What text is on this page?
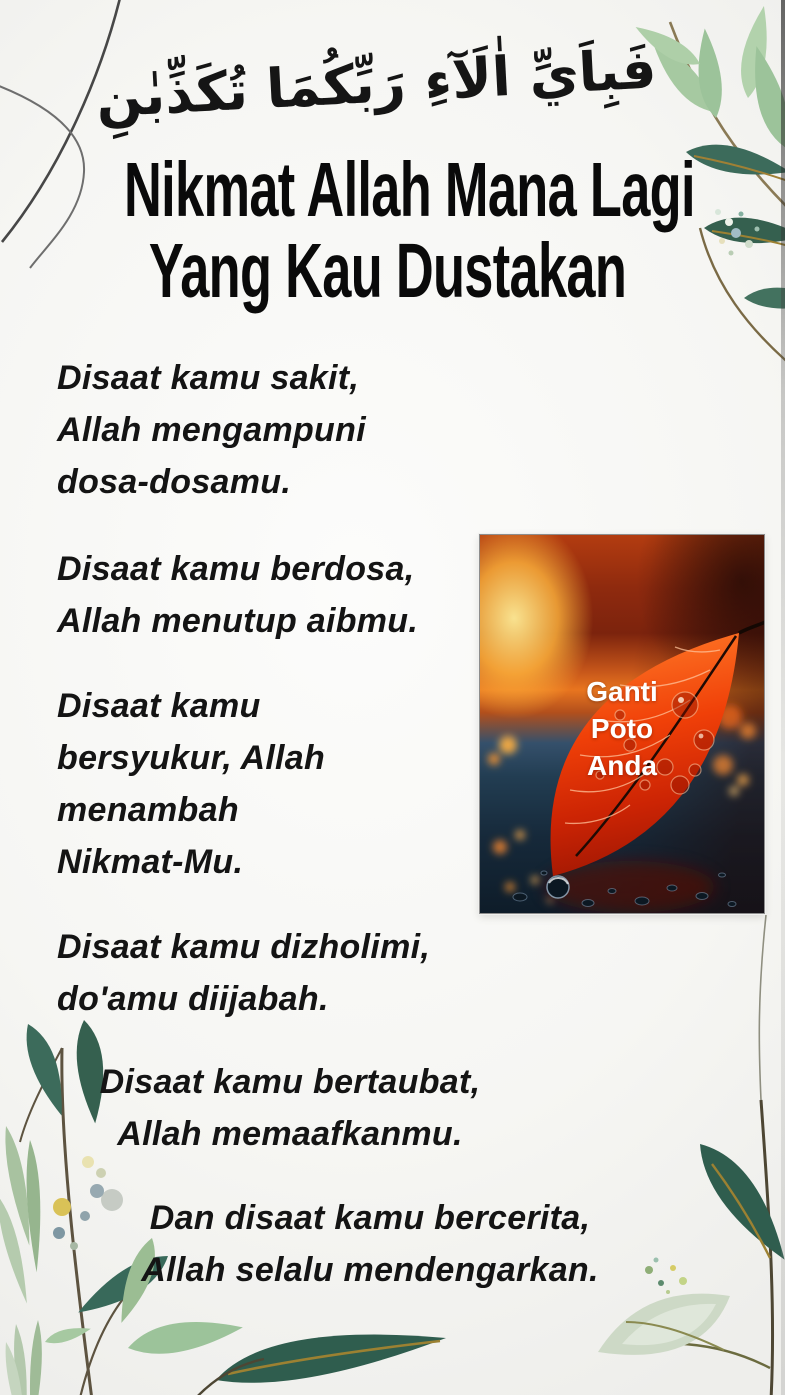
فَبِاَيِّ اٰلَآءِ رَبِّكُمَا تُكَذِّبٰنِ
Nikmat Allah Mana Lagi
Yang Kau Dustakan
Disaat kamu sakit,
Allah mengampuni
dosa-dosamu.
Disaat kamu berdosa,
Allah menutup aibmu.
Disaat kamu
bersyukur, Allah
menambah
Nikmat-Mu.
Disaat kamu dizholimi,
do'amu diijabah.
Disaat kamu bertaubat,
Allah memaafkanmu.
Dan disaat kamu bercerita,
Allah selalu mendengarkan.
Ganti
Poto
Anda
